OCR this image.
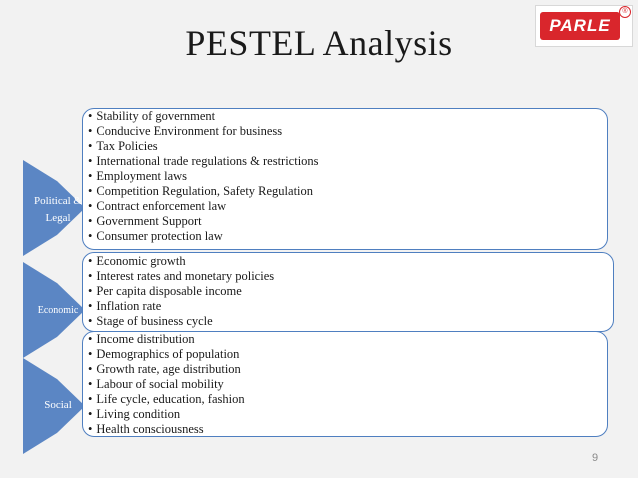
PESTEL Analysis	PARLE
®
Political &
Legal
• Stability of government
• Conducive Environment for business
• Tax Policies
• International trade regulations & restrictions
• Employment laws
• Competition Regulation, Safety Regulation
• Contract enforcement law
• Government Support
• Consumer protection law
Economic
• Economic growth
• Interest rates and monetary policies
• Per capita disposable income
• Inflation rate
• Stage of business cycle
Social
• Income distribution
• Demographics of population
• Growth rate, age distribution
• Labour of social mobility
• Life cycle, education, fashion
• Living condition
• Health consciousness
9
